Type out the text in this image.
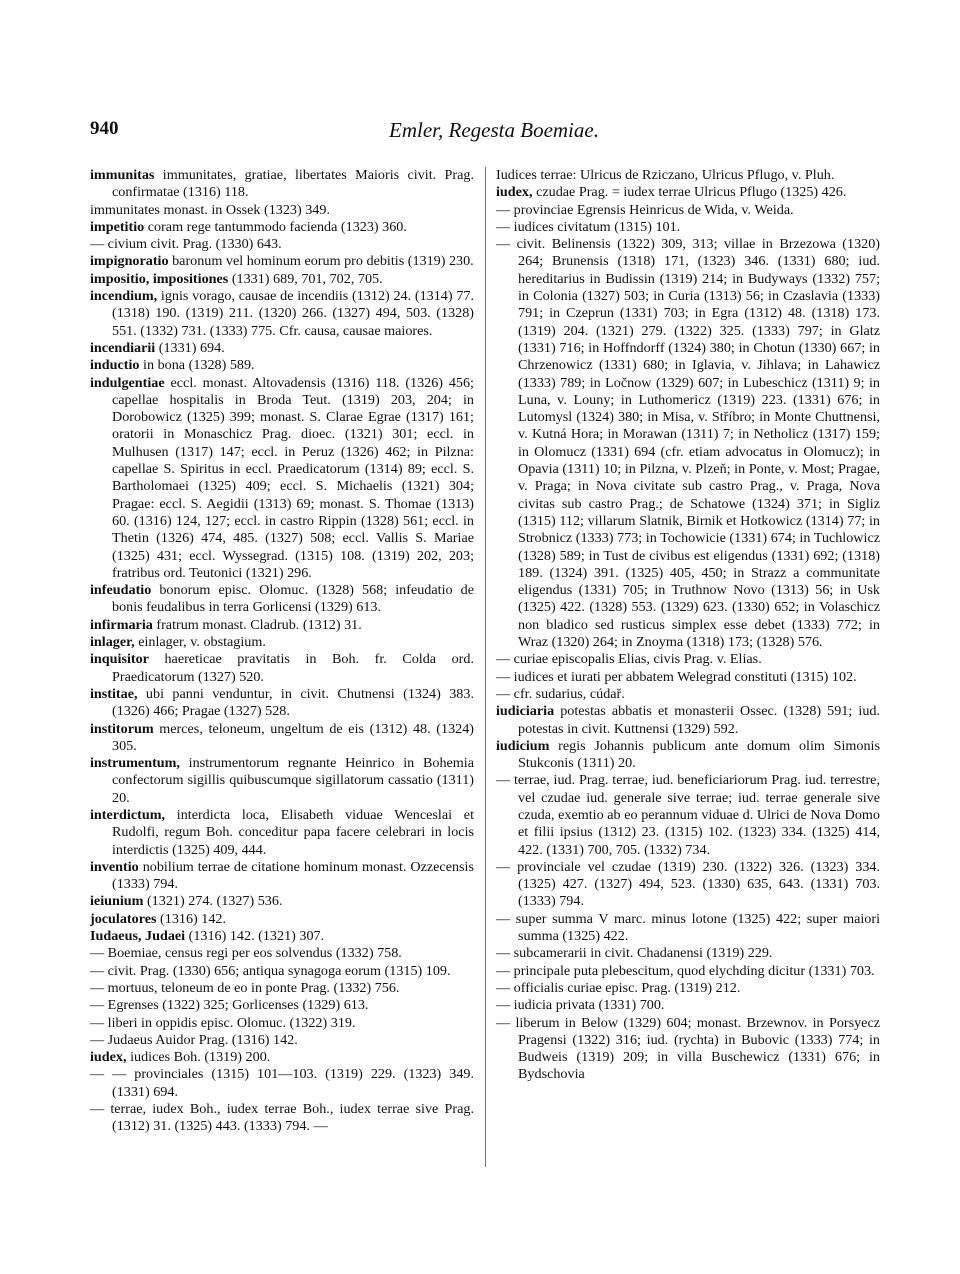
940	Emler, Regesta Boemiae.

immunitas immunitates, gratiae, libertates Maioris civit. Prag. confirmatae (1316) 118.

immunitates monast. in Ossek (1323) 349.

impetitio coram rege tantummodo facienda (1323) 360.

— civium civit. Prag. (1330) 643.

impignoratio baronum vel hominum eorum pro debitis (1319) 230.

impositio, impositiones (1331) 689, 701, 702, 705.

incendium, ignis vorago, causae de incendiis (1312) 24. (1314) 77. (1318) 190. (1319) 211. (1320) 266. (1327) 494, 503. (1328) 551. (1332) 731. (1333) 775. Cfr. causa, causae maiores.

incendiarii (1331) 694.

inductio in bona (1328) 589.

indulgentiae eccl. monast. Altovadensis (1316) 118. (1326) 456; capellae hospitalis in Broda Teut. (1319) 203, 204; in Dorobowicz (1325) 399; monast. S. Clarae Egrae (1317) 161; oratorii in Monaschicz Prag. dioec. (1321) 301; eccl. in Mulhusen (1317) 147; eccl. in Peruz (1326) 462; in Pilzna: capellae S. Spiritus in eccl. Praedicatorum (1314) 89; eccl. S. Bartholomaei (1325) 409; eccl. S. Michaelis (1321) 304; Pragae: eccl. S. Aegidii (1313) 69; monast. S. Thomae (1313) 60. (1316) 124, 127; eccl. in castro Rippin (1328) 561; eccl. in Thetin (1326) 474, 485. (1327) 508; eccl. Vallis S. Mariae (1325) 431; eccl. Wyssegrad. (1315) 108. (1319) 202, 203; fratribus ord. Teutonici (1321) 296.

infeudatio bonorum episc. Olomuc. (1328) 568; infeudatio de bonis feudalibus in terra Gorlicensi (1329) 613.

infirmaria fratrum monast. Cladrub. (1312) 31.

inlager, einlager, v. obstagium.

inquisitor haereticae pravitatis in Boh. fr. Colda ord. Praedicatorum (1327) 520.

institae, ubi panni venduntur, in civit. Chutnensi (1324) 383. (1326) 466; Pragae (1327) 528.

institorum merces, teloneum, ungeltum de eis (1312) 48. (1324) 305.

instrumentum, instrumentorum regnante Heinrico in Bohemia confectorum sigillis quibuscumque sigillatorum cassatio (1311) 20.

interdictum, interdicta loca, Elisabeth viduae Wenceslai et Rudolfi, regum Boh. conceditur papa facere celebrari in locis interdictis (1325) 409, 444.

inventio nobilium terrae de citatione hominum monast. Ozzecensis (1333) 794.

ieiunium (1321) 274. (1327) 536.

joculatores (1316) 142.

Iudaeus, Judaei (1316) 142. (1321) 307.

— Boemiae, census regi per eos solvendus (1332) 758.

— civit. Prag. (1330) 656; antiqua synagoga eorum (1315) 109.

— mortuus, teloneum de eo in ponte Prag. (1332) 756.

— Egrenses (1322) 325; Gorlicenses (1329) 613.

— liberi in oppidis episc. Olomuc. (1322) 319.

— Judaeus Auidor Prag. (1316) 142.

iudex, iudices Boh. (1319) 200.

— — provinciales (1315) 101—103. (1319) 229. (1323) 349. (1331) 694.

— terrae, iudex Boh., iudex terrae Boh., iudex terrae sive Prag. (1312) 31. (1325) 443. (1333) 794. —

Iudices terrae: Ulricus de Rziczano, Ulricus Pflugo, v. Pluh.

iudex, czudae Prag. = iudex terrae Ulricus Pflugo (1325) 426.

— provinciae Egrensis Heinricus de Wida, v. Weida.

— iudices civitatum (1315) 101.

— civit. Belinensis (1322) 309, 313; villae in Brzezowa (1320) 264; Brunensis (1318) 171, (1323) 346. (1331) 680; iud. hereditarius in Budissin (1319) 214; in Budyways (1332) 757; in Colonia (1327) 503; in Curia (1313) 56; in Czaslavia (1333) 791; in Czeprun (1331) 703; in Egra (1312) 48. (1318) 173. (1319) 204. (1321) 279. (1322) 325. (1333) 797; in Glatz (1331) 716; in Hoffndorff (1324) 380; in Chotun (1330) 667; in Chrzenowicz (1331) 680; in Iglavia, v. Jihlava; in Lahawicz (1333) 789; in Ločnow (1329) 607; in Lubeschicz (1311) 9; in Luna, v. Louny; in Luthomericz (1319) 223. (1331) 676; in Lutomysl (1324) 380; in Misa, v. Stříbro; in Monte Chuttnensi, v. Kutná Hora; in Morawan (1311) 7; in Netholicz (1317) 159; in Olomucz (1331) 694 (cfr. etiam advocatus in Olomucz); in Opavia (1311) 10; in Pilzna, v. Plzeň; in Ponte, v. Most; Pragae, v. Praga; in Nova civitate sub castro Prag., v. Praga, Nova civitas sub castro Prag.; de Schatowe (1324) 371; in Sigliz (1315) 112; villarum Slatnik, Birnik et Hotkowicz (1314) 77; in Strobnicz (1333) 773; in Tochowicie (1331) 674; in Tuchlowicz (1328) 589; in Tust de civibus est eligendus (1331) 692; (1318) 189. (1324) 391. (1325) 405, 450; in Strazz a communitate eligendus (1331) 705; in Truthnow Novo (1313) 56; in Usk (1325) 422. (1328) 553. (1329) 623. (1330) 652; in Volaschicz non bladico sed rusticus simplex esse debet (1333) 772; in Wraz (1320) 264; in Znoyma (1318) 173; (1328) 576.

— curiae episcopalis Elias, civis Prag. v. Elias.

— iudices et iurati per abbatem Welegrad constituti (1315) 102.

— cfr. sudarius, cúdař.

iudiciaria potestas abbatis et monasterii Ossec. (1328) 591; iud. potestas in civit. Kuttnensi (1329) 592.

iudicium regis Johannis publicum ante domum olim Simonis Stukconis (1311) 20.

— terrae, iud. Prag. terrae, iud. beneficiariorum Prag. iud. terrestre, vel czudae iud. generale sive terrae; iud. terrae generale sive czuda, exemtio ab eo perannum viduae d. Ulrici de Nova Domo et filii ipsius (1312) 23. (1315) 102. (1323) 334. (1325) 414, 422. (1331) 700, 705. (1332) 734.

— provinciale vel czudae (1319) 230. (1322) 326. (1323) 334. (1325) 427. (1327) 494, 523. (1330) 635, 643. (1331) 703. (1333) 794.

— super summa V marc. minus lotone (1325) 422; super maiori summa (1325) 422.

— subcamerarii in civit. Chadanensi (1319) 229.

— principale puta plebescitum, quod elychding dicitur (1331) 703.

— officialis curiae episc. Prag. (1319) 212.

— iudicia privata (1331) 700.

— liberum in Below (1329) 604; monast. Brzewnov. in Porsyecz Pragensi (1322) 316; iud. (rychta) in Bubovic (1333) 774; in Budweis (1319) 209; in villa Buschewicz (1331) 676; in Bydschovia
